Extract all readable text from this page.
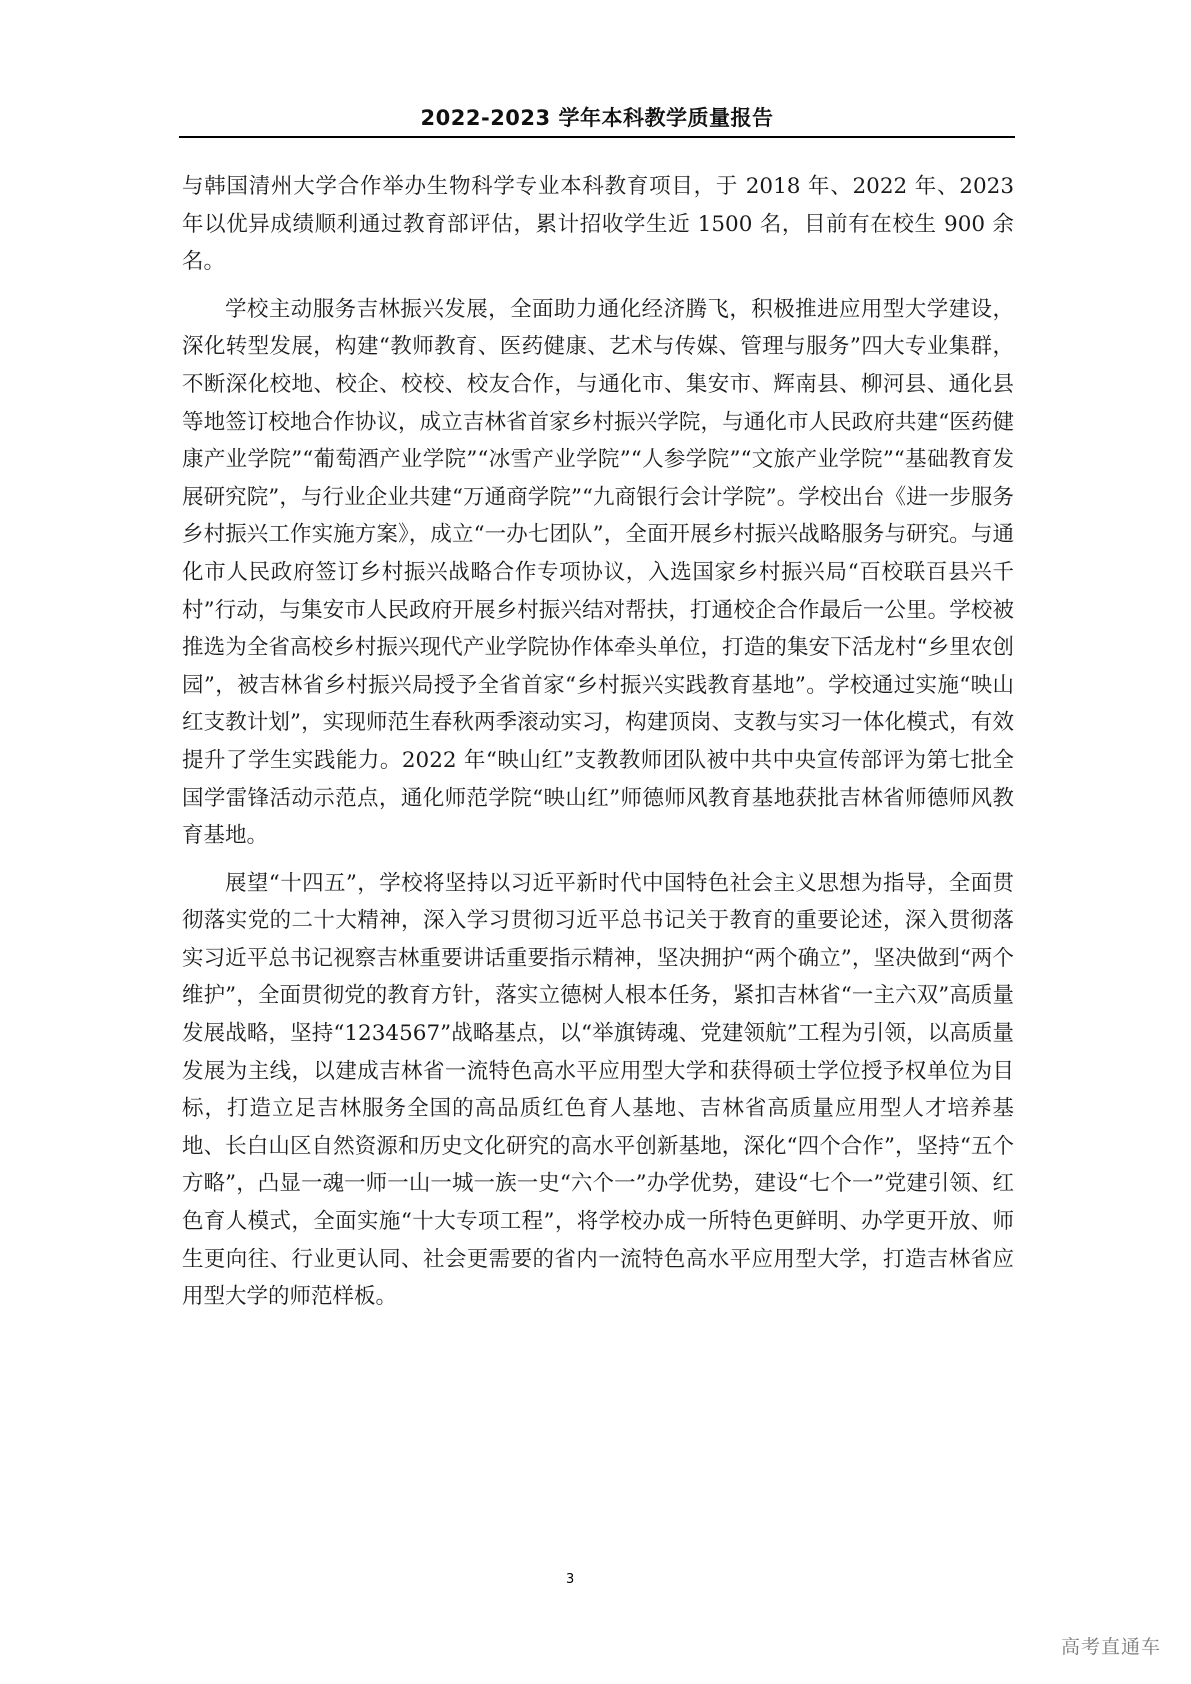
2022-2023 学年本科教学质量报告

与韩国清州大学合作举办生物科学专业本科教育项目，于 2018 年、2022 年、2023 年以优异成绩顺利通过教育部评估，累计招收学生近 1500 名，目前有在校生 900 余名。

学校主动服务吉林振兴发展，全面助力通化经济腾飞，积极推进应用型大学建设，深化转型发展，构建“教师教育、医药健康、艺术与传媒、管理与服务”四大专业集群，不断深化校地、校企、校校、校友合作，与通化市、集安市、辉南县、柳河县、通化县等地签订校地合作协议，成立吉林省首家乡村振兴学院，与通化市人民政府共建“医药健康产业学院”“葡萄酒产业学院”“冰雪产业学院”“人参学院”“文旅产业学院”“基础教育发展研究院”，与行业企业共建“万通商学院”“九商银行会计学院”。学校出台《进一步服务乡村振兴工作实施方案》，成立“一办七团队”，全面开展乡村振兴战略服务与研究。与通化市人民政府签订乡村振兴战略合作专项协议，入选国家乡村振兴局“百校联百县兴千村”行动，与集安市人民政府开展乡村振兴结对帮扶，打通校企合作最后一公里。学校被推选为全省高校乡村振兴现代产业学院协作体牵头单位，打造的集安下活龙村“乡里农创园”，被吉林省乡村振兴局授予全省首家“乡村振兴实践教育基地”。学校通过实施“映山红支教计划”，实现师范生春秋两季滚动实习，构建顶岗、支教与实习一体化模式，有效提升了学生实践能力。2022 年“映山红”支教教师团队被中共中央宣传部评为第七批全国学雷锋活动示范点，通化师范学院“映山红”师德师风教育基地获批吉林省师德师风教育基地。

展望“十四五”，学校将坚持以习近平新时代中国特色社会主义思想为指导，全面贯彻落实党的二十大精神，深入学习贯彻习近平总书记关于教育的重要论述，深入贯彻落实习近平总书记视察吉林重要讲话重要指示精神，坚决拥护“两个确立”，坚决做到“两个维护”，全面贯彻党的教育方针，落实立德树人根本任务，紧扣吉林省“一主六双”高质量发展战略，坚持“1234567”战略基点，以“举旗铸魂、党建领航”工程为引领，以高质量发展为主线，以建成吉林省一流特色高水平应用型大学和获得硕士学位授予权单位为目标，打造立足吉林服务全国的高品质红色育人基地、吉林省高质量应用型人才培养基地、长白山区自然资源和历史文化研究的高水平创新基地，深化“四个合作”，坚持“五个方略”，凸显一魂一师一山一城一族一史“六个一”办学优势，建设“七个一”党建引领、红色育人模式，全面实施“十大专项工程”，将学校办成一所特色更鲜明、办学更开放、师生更向往、行业更认同、社会更需要的省内一流特色高水平应用型大学，打造吉林省应用型大学的师范样板。

3
高考直通车
